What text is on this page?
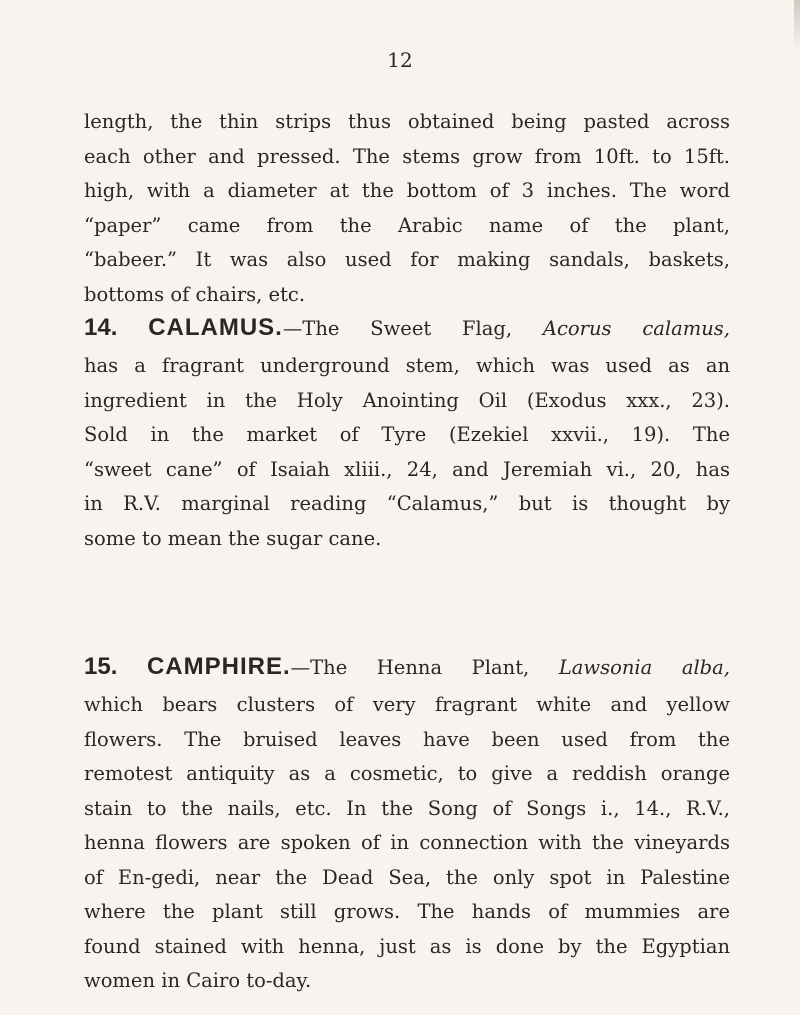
12
length, the thin strips thus obtained being pasted across
each other and pressed. The stems grow from 10ft. to 15ft.
high, with a diameter at the bottom of 3 inches. The word
“paper” came from the Arabic name of the plant,
“babeer.” It was also used for making sandals, baskets,
bottoms of chairs, etc.
14. CALAMUS.—The Sweet Flag, Acorus calamus,
has a fragrant underground stem, which was used as an
ingredient in the Holy Anointing Oil (Exodus xxx., 23).
Sold in the market of Tyre (Ezekiel xxvii., 19). The
“sweet cane” of Isaiah xliii., 24, and Jeremiah vi., 20, has
in R.V. marginal reading “Calamus,” but is thought by
some to mean the sugar cane.
15. CAMPHIRE.—The Henna Plant, Lawsonia alba,
which bears clusters of very fragrant white and yellow
flowers. The bruised leaves have been used from the
remotest antiquity as a cosmetic, to give a reddish orange
stain to the nails, etc. In the Song of Songs i., 14., R.V.,
henna flowers are spoken of in connection with the vineyards
of En-gedi, near the Dead Sea, the only spot in Palestine
where the plant still grows. The hands of mummies are
found stained with henna, just as is done by the Egyptian
women in Cairo to-day.
